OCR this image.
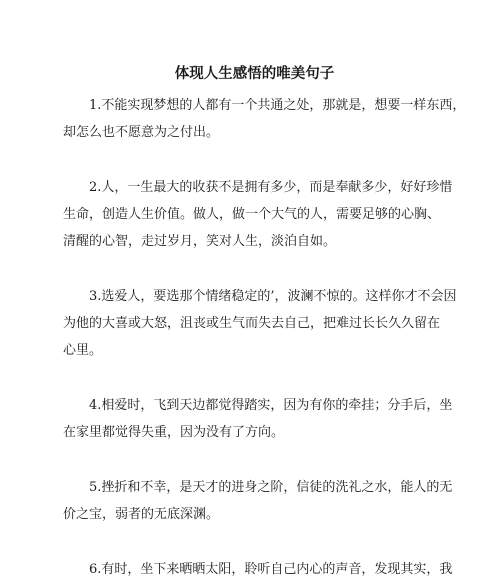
体现人生感悟的唯美句子

1.不能实现梦想的人都有一个共通之处，那就是，想要一样东西，
却怎么也不愿意为之付出。

2.人，一生最大的收获不是拥有多少，而是奉献多少，好好珍惜
生命，创造人生价值。做人，做一个大气的人，需要足够的心胸、
清醒的心智，走过岁月，笑对人生，淡泊自如。

3.选爱人，要选那个情绪稳定的’，波澜不惊的。这样你才不会因
为他的大喜或大怒，沮丧或生气而失去自己，把难过长长久久留在
心里。

4.相爱时，飞到天边都觉得踏实，因为有你的牵挂；分手后，坐
在家里都觉得失重，因为没有了方向。

5.挫折和不幸，是天才的进身之阶，信徒的洗礼之水，能人的无
价之宝，弱者的无底深渊。

6.有时，坐下来晒晒太阳，聆听自己内心的声音，发现其实，我
